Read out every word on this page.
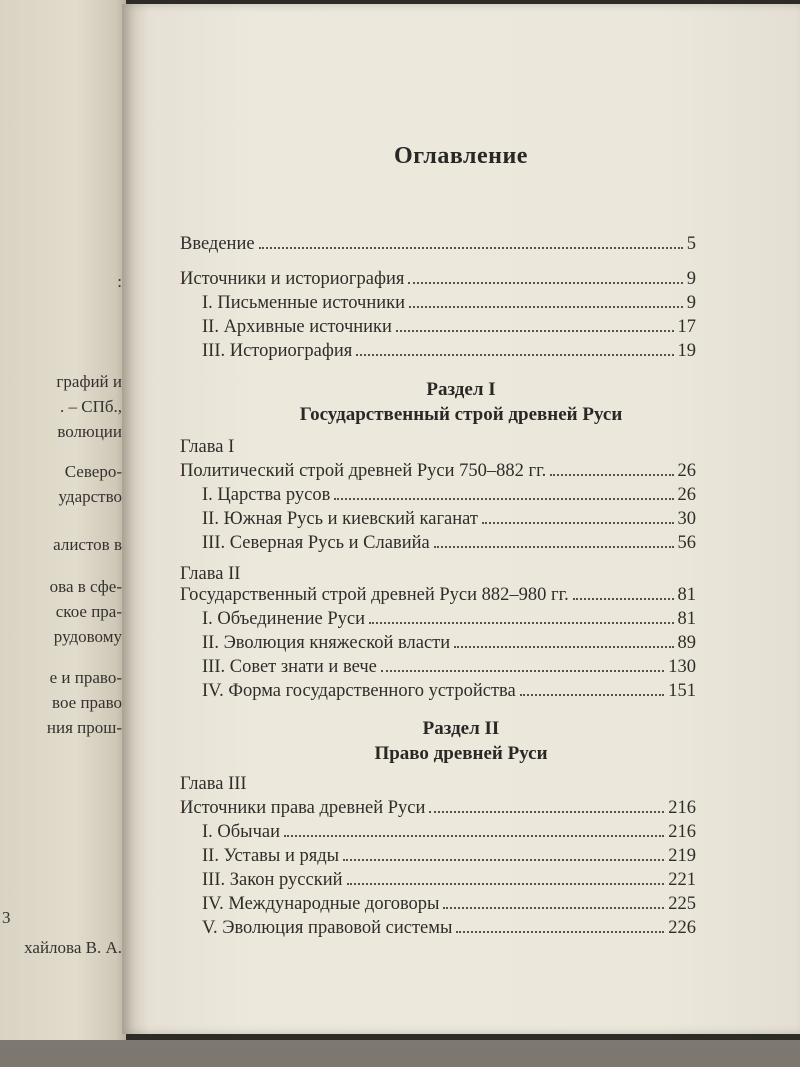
:
графий и
. – СПб.,
волюции
Северо-
ударство
алистов в
ова в сфе-
ское пра-
рудовому
е и право-
вое право
ния прош-
3
хайлова В. А.
Оглавление
Введение	5
Источники и историография	9
I. Письменные источники	9
II. Архивные источники	17
III. Историография	19
Раздел I
Государственный строй древней Руси
Глава I
Политический строй древней Руси 750–882 гг.	26
I. Царства русов	26
II. Южная Русь и киевский каганат	30
III. Северная Русь и Славийа	56
Глава II
Государственный строй древней Руси 882–980 гг.	81
I. Объединение Руси	81
II. Эволюция княжеской власти	89
III. Совет знати и вече	130
IV. Форма государственного устройства	151
Раздел II
Право древней Руси
Глава III
Источники права древней Руси	216
I. Обычаи	216
II. Уставы и ряды	219
III. Закон русский	221
IV. Международные договоры	225
V. Эволюция правовой системы	226
